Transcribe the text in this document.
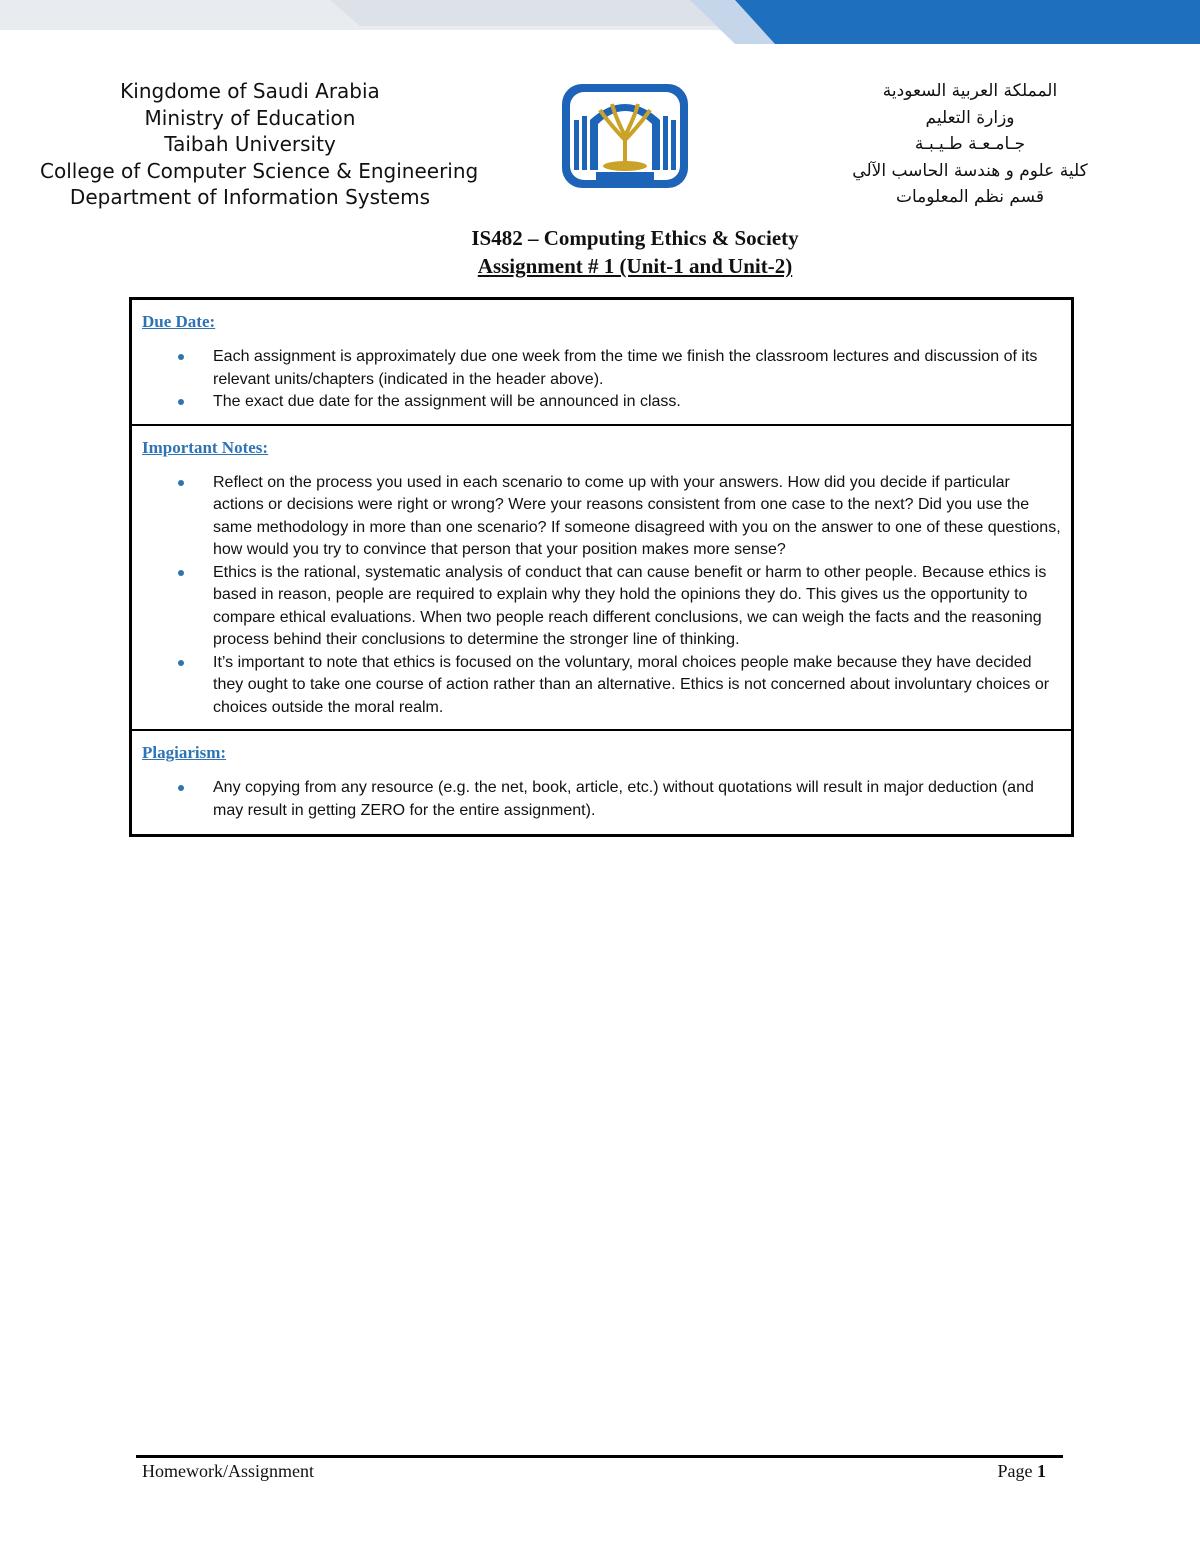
Kingdome of Saudi Arabia
Ministry of Education
Taibah University
College of Computer Science & Engineering
Department of Information Systems
المملكة العربية السعودية
وزارة التعليم
جـامـعـة طـيـبـة
كلية علوم و هندسة الحاسب الآلي
قسم نظم المعلومات
IS482 – Computing Ethics & Society
Assignment # 1 (Unit-1 and Unit-2)
Due Date:
Each assignment is approximately due one week from the time we finish the classroom lectures and discussion of its relevant units/chapters (indicated in the header above).
The exact due date for the assignment will be announced in class.
Important Notes:
Reflect on the process you used in each scenario to come up with your answers. How did you decide if particular actions or decisions were right or wrong? Were your reasons consistent from one case to the next? Did you use the same methodology in more than one scenario? If someone disagreed with you on the answer to one of these questions, how would you try to convince that person that your position makes more sense?
Ethics is the rational, systematic analysis of conduct that can cause benefit or harm to other people. Because ethics is based in reason, people are required to explain why they hold the opinions they do. This gives us the opportunity to compare ethical evaluations. When two people reach different conclusions, we can weigh the facts and the reasoning process behind their conclusions to determine the stronger line of thinking.
It’s important to note that ethics is focused on the voluntary, moral choices people make because they have decided they ought to take one course of action rather than an alternative. Ethics is not concerned about involuntary choices or choices outside the moral realm.
Plagiarism:
Any copying from any resource (e.g. the net, book, article, etc.) without quotations will result in major deduction (and may result in getting ZERO for the entire assignment).
Homework/Assignment	Page 1
